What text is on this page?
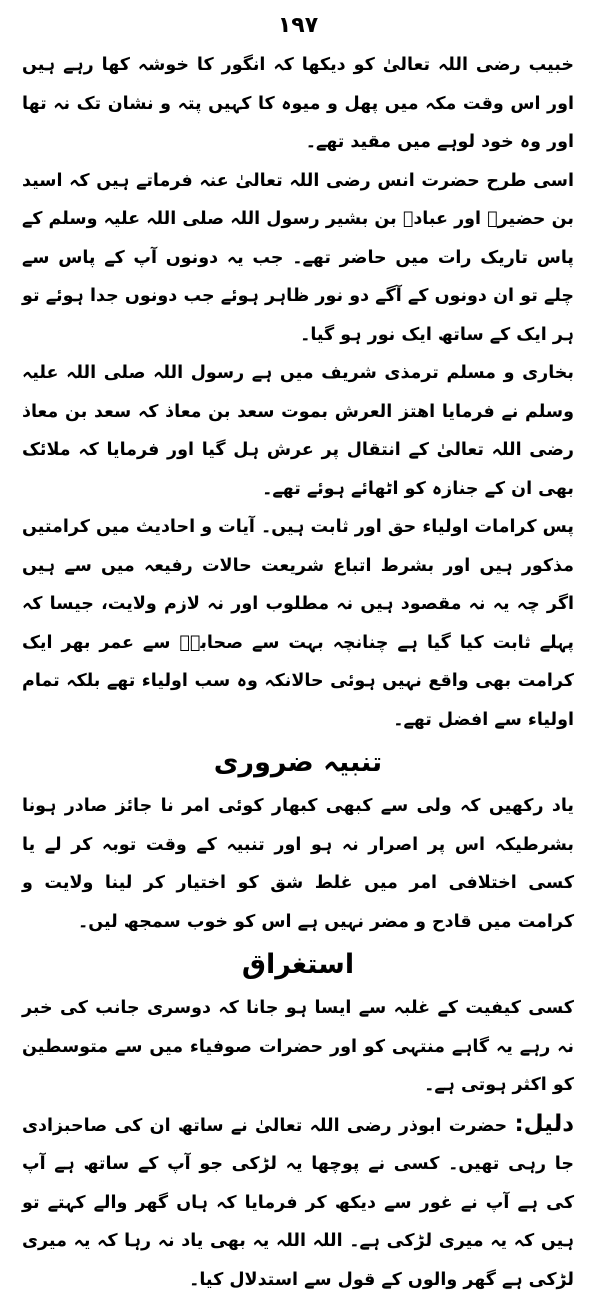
١٩٧

خبیب رضی اللہ تعالیٰ کو دیکھا کہ انگور کا خوشہ کھا رہے ہیں اور اس وقت مکہ میں پھل و میوہ کا کہیں پتہ و نشان تک نہ تھا اور وہ خود لوہے میں مقید تھے۔

اسی طرح حضرت انس رضی اللہ تعالیٰ عنہ فرماتے ہیں کہ اسید بن حضیرؓ اور عبادؓ بن بشیر رسول اللہ صلی اللہ علیہ وسلم کے پاس تاریک رات میں حاضر تھے۔ جب یہ دونوں آپ کے پاس سے چلے تو ان دونوں کے آگے دو نور ظاہر ہوئے جب دونوں جدا ہوئے تو ہر ایک کے ساتھ ایک نور ہو گیا۔

بخاری و مسلم ترمذی شریف میں ہے رسول اللہ صلی اللہ علیہ وسلم نے فرمایا اھتز العرش بموت سعد بن معاذ کہ سعد بن معاذ رضی اللہ تعالیٰ کے انتقال پر عرش ہل گیا اور فرمایا کہ ملائک بھی ان کے جنازہ کو اٹھائے ہوئے تھے۔

پس کرامات اولیاء حق اور ثابت ہیں۔ آیات و احادیث میں کرامتیں مذکور ہیں اور بشرط اتباع شریعت حالات رفیعہ میں سے ہیں اگر چہ یہ نہ مقصود ہیں نہ مطلوب اور نہ لازم ولایت، جیسا کہ پہلے ثابت کیا گیا ہے چنانچہ بہت سے صحابہؓ سے عمر بھر ایک کرامت بھی واقع نہیں ہوئی حالانکہ وہ سب اولیاء تھے بلکہ تمام اولیاء سے افضل تھے۔

تنبیہ ضروری

یاد رکھیں کہ ولی سے کبھی کبھار کوئی امر نا جائز صادر ہونا بشرطیکہ اس پر اصرار نہ ہو اور تنبیہ کے وقت توبہ کر لے یا کسی اختلافی امر میں غلط شق کو اختیار کر لینا ولایت و کرامت میں قادح و مضر نہیں ہے اس کو خوب سمجھ لیں۔

استغراق

کسی کیفیت کے غلبہ سے ایسا ہو جانا کہ دوسری جانب کی خبر نہ رہے یہ گاہے منتہی کو اور حضرات صوفیاء میں سے متوسطین کو اکثر ہوتی ہے۔

دلیل: حضرت ابوذر رضی اللہ تعالیٰ نے ساتھ ان کی صاحبزادی جا رہی تھیں۔ کسی نے پوچھا یہ لڑکی جو آپ کے ساتھ ہے آپ کی ہے آپ نے غور سے دیکھ کر فرمایا کہ ہاں گھر والے کہتے تو ہیں کہ یہ میری لڑکی ہے۔ اللہ اللہ یہ بھی یاد نہ رہا کہ یہ میری لڑکی ہے گھر والوں کے قول سے استدلال کیا۔
